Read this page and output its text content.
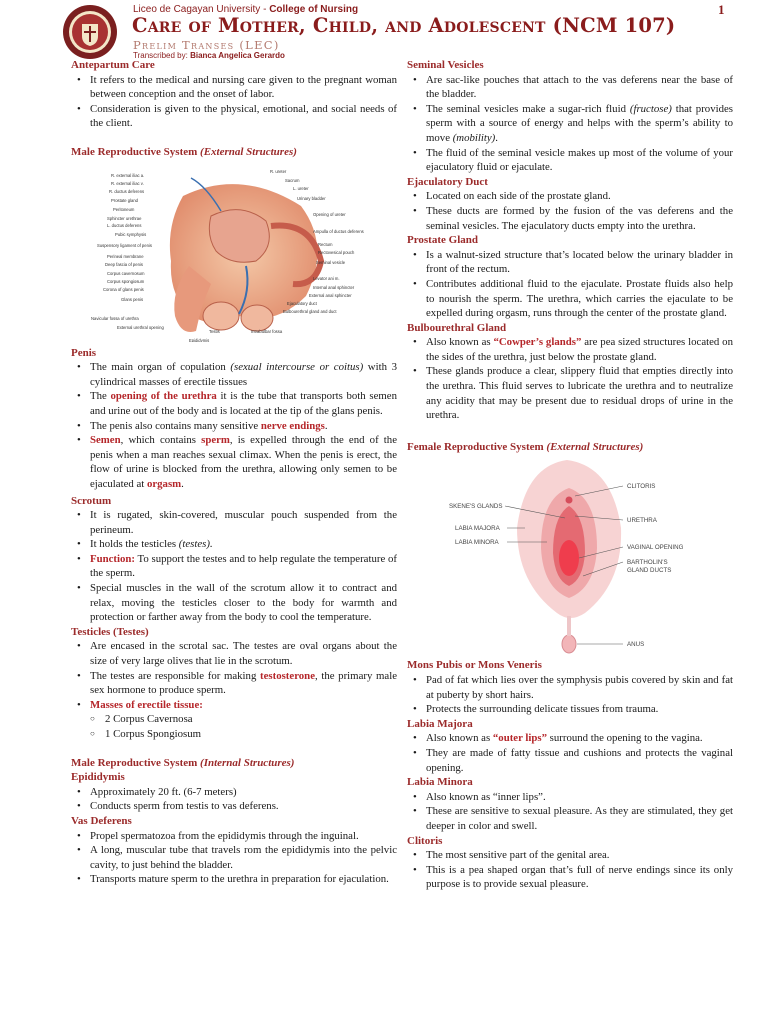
Liceo de Cagayan University - College of Nursing
Care of Mother, Child, and Adolescent (NCM 107)
Prelim Transes (LEC)
Transcribed by: Bianca Angelica Gerardo
1

Antepartum Care

• It refers to the medical and nursing care given to the pregnant woman between conception and the onset of labor.
• Consideration is given to the physical, emotional, and social needs of the client.

Male Reproductive System (External Structures)

R. external iliac a.
R. external iliac v.
R. ductus deferens
Prostate gland
Peritoneum
Sphincter urethrae
L. ductus deferens
Pubic symphysis
Suspensory ligament of penis
Perineal membrane
Deep fascia of penis
Corpus cavernosum
Corpus spongiosum
Corona of glans penis
Glans penis
Navicular fossa of urethra
External urethral opening
R. ureter
Sacrum
L. ureter
Urinary bladder
Opening of ureter
Ampulla of ductus deferens
Rectum
Rectovesical pouch
Seminal vesicle
Levator ani m.
Internal anal sphincter
External anal sphincter
Ejaculatory duct
Bulbourethral gland and duct
Testis	Intrabulbar fossa
Epididymis

Penis

• The main organ of copulation (sexual intercourse or coitus) with 3 cylindrical masses of erectile tissues
• The opening of the urethra it is the tube that transports both semen and urine out of the body and is located at the tip of the glans penis.
• The penis also contains many sensitive nerve endings.
• Semen, which contains sperm, is expelled through the end of the penis when a man reaches sexual climax. When the penis is erect, the flow of urine is blocked from the urethra, allowing only semen to be ejaculated at orgasm.

Scrotum

• It is rugated, skin-covered, muscular pouch suspended from the perineum.
• It holds the testicles (testes).
• Function: To support the testes and to help regulate the temperature of the sperm.
• Special muscles in the wall of the scrotum allow it to contract and relax, moving the testicles closer to the body for warmth and protection or farther away from the body to cool the temperature.

Testicles (Testes)

• Are encased in the scrotal sac. The testes are oval organs about the size of very large olives that lie in the scrotum.
• The testes are responsible for making testosterone, the primary male sex hormone to produce sperm.
• Masses of erectile tissue:
○ 2 Corpus Cavernosa
○ 1 Corpus Spongiosum

Male Reproductive System (Internal Structures)

Epididymis

• Approximately 20 ft. (6-7 meters)
• Conducts sperm from testis to vas deferens.

Vas Deferens

• Propel spermatozoa from the epididymis through the inguinal.
• A long, muscular tube that travels rom the epididymis into the pelvic cavity, to just behind the bladder.
• Transports mature sperm to the urethra in preparation for ejaculation.

Seminal Vesicles

• Are sac-like pouches that attach to the vas deferens near the base of the bladder.
• The seminal vesicles make a sugar-rich fluid (fructose) that provides sperm with a source of energy and helps with the sperm’s ability to move (mobility).
• The fluid of the seminal vesicle makes up most of the volume of your ejaculatory fluid or ejaculate.

Ejaculatory Duct

• Located on each side of the prostate gland.
• These ducts are formed by the fusion of the vas deferens and the seminal vesicles. The ejaculatory ducts empty into the urethra.

Prostate Gland

• Is a walnut-sized structure that’s located below the urinary bladder in front of the rectum.
• Contributes additional fluid to the ejaculate. Prostate fluids also help to nourish the sperm. The urethra, which carries the ejaculate to be expelled during orgasm, runs through the center of the prostate gland.

Bulbourethral Gland

• Also known as “Cowper’s glands” are pea sized structures located on the sides of the urethra, just below the prostate gland.
• These glands produce a clear, slippery fluid that empties directly into the urethra. This fluid serves to lubricate the urethra and to neutralize any acidity that may be present due to residual drops of urine in the urethra.

Female Reproductive System (External Structures)

CLITORIS
SKENE'S GLANDS
URETHRA
LABIA MAJORA
LABIA MINORA
VAGINAL OPENING
BARTHOLIN'S
GLAND DUCTS
ANUS

Mons Pubis or Mons Veneris

• Pad of fat which lies over the symphysis pubis covered by skin and fat at puberty by short hairs.
• Protects the surrounding delicate tissues from trauma.

Labia Majora

• Also known as “outer lips” surround the opening to the vagina.
• They are made of fatty tissue and cushions and protects the vaginal opening.

Labia Minora

• Also known as “inner lips”.
• These are sensitive to sexual pleasure. As they are stimulated, they get deeper in color and swell.

Clitoris

• The most sensitive part of the genital area.
• This is a pea shaped organ that’s full of nerve endings since its only purpose is to provide sexual pleasure.
